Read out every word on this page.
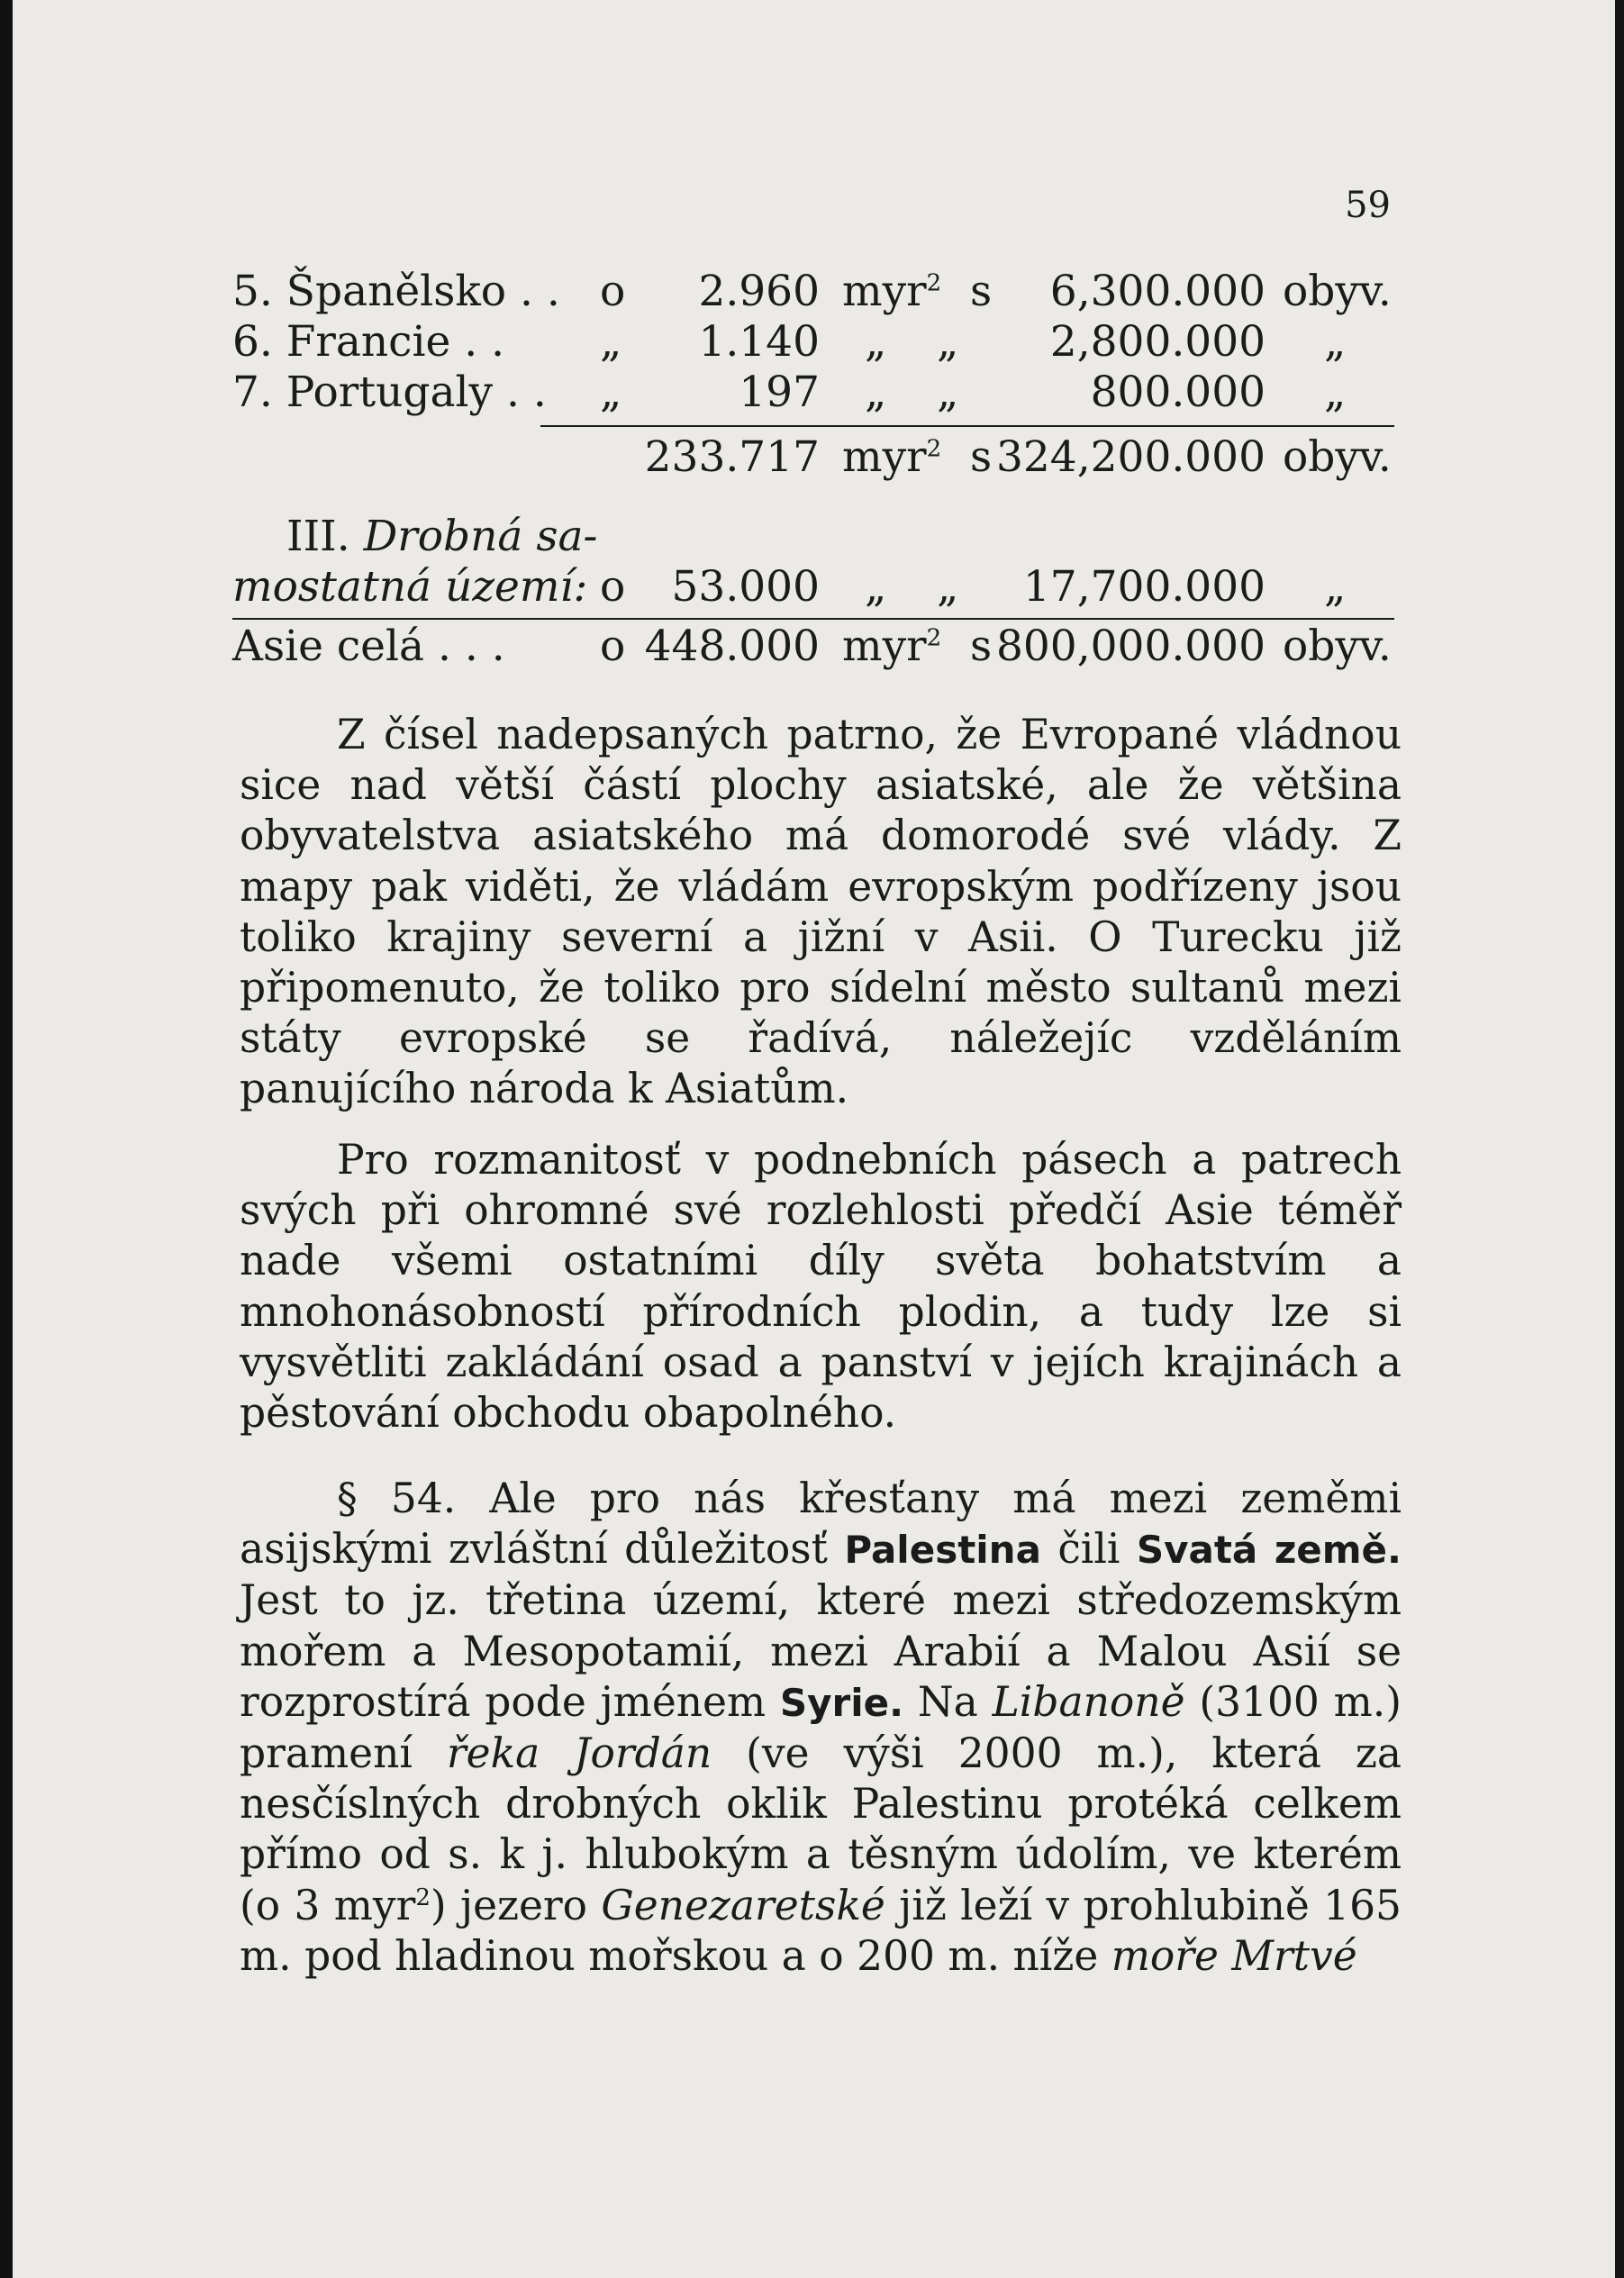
59
5. Španělsko . . o	2.960 myr$^2$ s	6,300.000 obyv.
6. Francie . . „	1.140 „ „	2,800.000 „
7. Portugaly . . „	197 „ „	800.000 „
233.717 myr$^2$ s 324,200.000 obyv.
III. Drobná sa-
mostatná území: o	53.000 „ „	17,700.000 „
Asie celá . . . o 448.000 myr$^2$ s 800,000.000 obyv.

Z čísel nadepsaných patrno, že Evropané vládnou sice nad větší částí plochy asiatské, ale že většina obyvatelstva asiatského má domorodé své vlády. Z mapy pak viděti, že vládám evropským podřízeny jsou toliko krajiny severní a jižní v Asii. O Turecku již připomenuto, že toliko pro sídelní město sultanů mezi státy evropské se řadívá, náležejíc vzděláním panujícího národa k Asiatům.

Pro rozmanitosť v podnebních pásech a patrech svých při ohromné své rozlehlosti předčí Asie téměř nade všemi ostatními díly světa bohatstvím a mnohonásobností přírodních plodin, a tudy lze si vysvětliti zakládání osad a panství v jejích krajinách a pěstování obchodu obapolného.

§ 54. Ale pro nás křesťany má mezi zeměmi asijskými zvláštní důležitosť Palestina čili Svatá země. Jest to jz. třetina území, které mezi středozemským mořem a Mesopotamií, mezi Arabií a Malou Asií se rozprostírá pode jménem Syrie. Na Libanoně (3100 m.) pramení řeka Jordán (ve výši 2000 m.), která za nesčíslných drobných oklik Palestinu protéká celkem přímo od s. k j. hlubokým a těsným údolím, ve kterém (o 3 myr$^2$) jezero Genezaretské již leží v prohlubině 165 m. pod hladinou mořskou a o 200 m. níže moře Mrtvé
